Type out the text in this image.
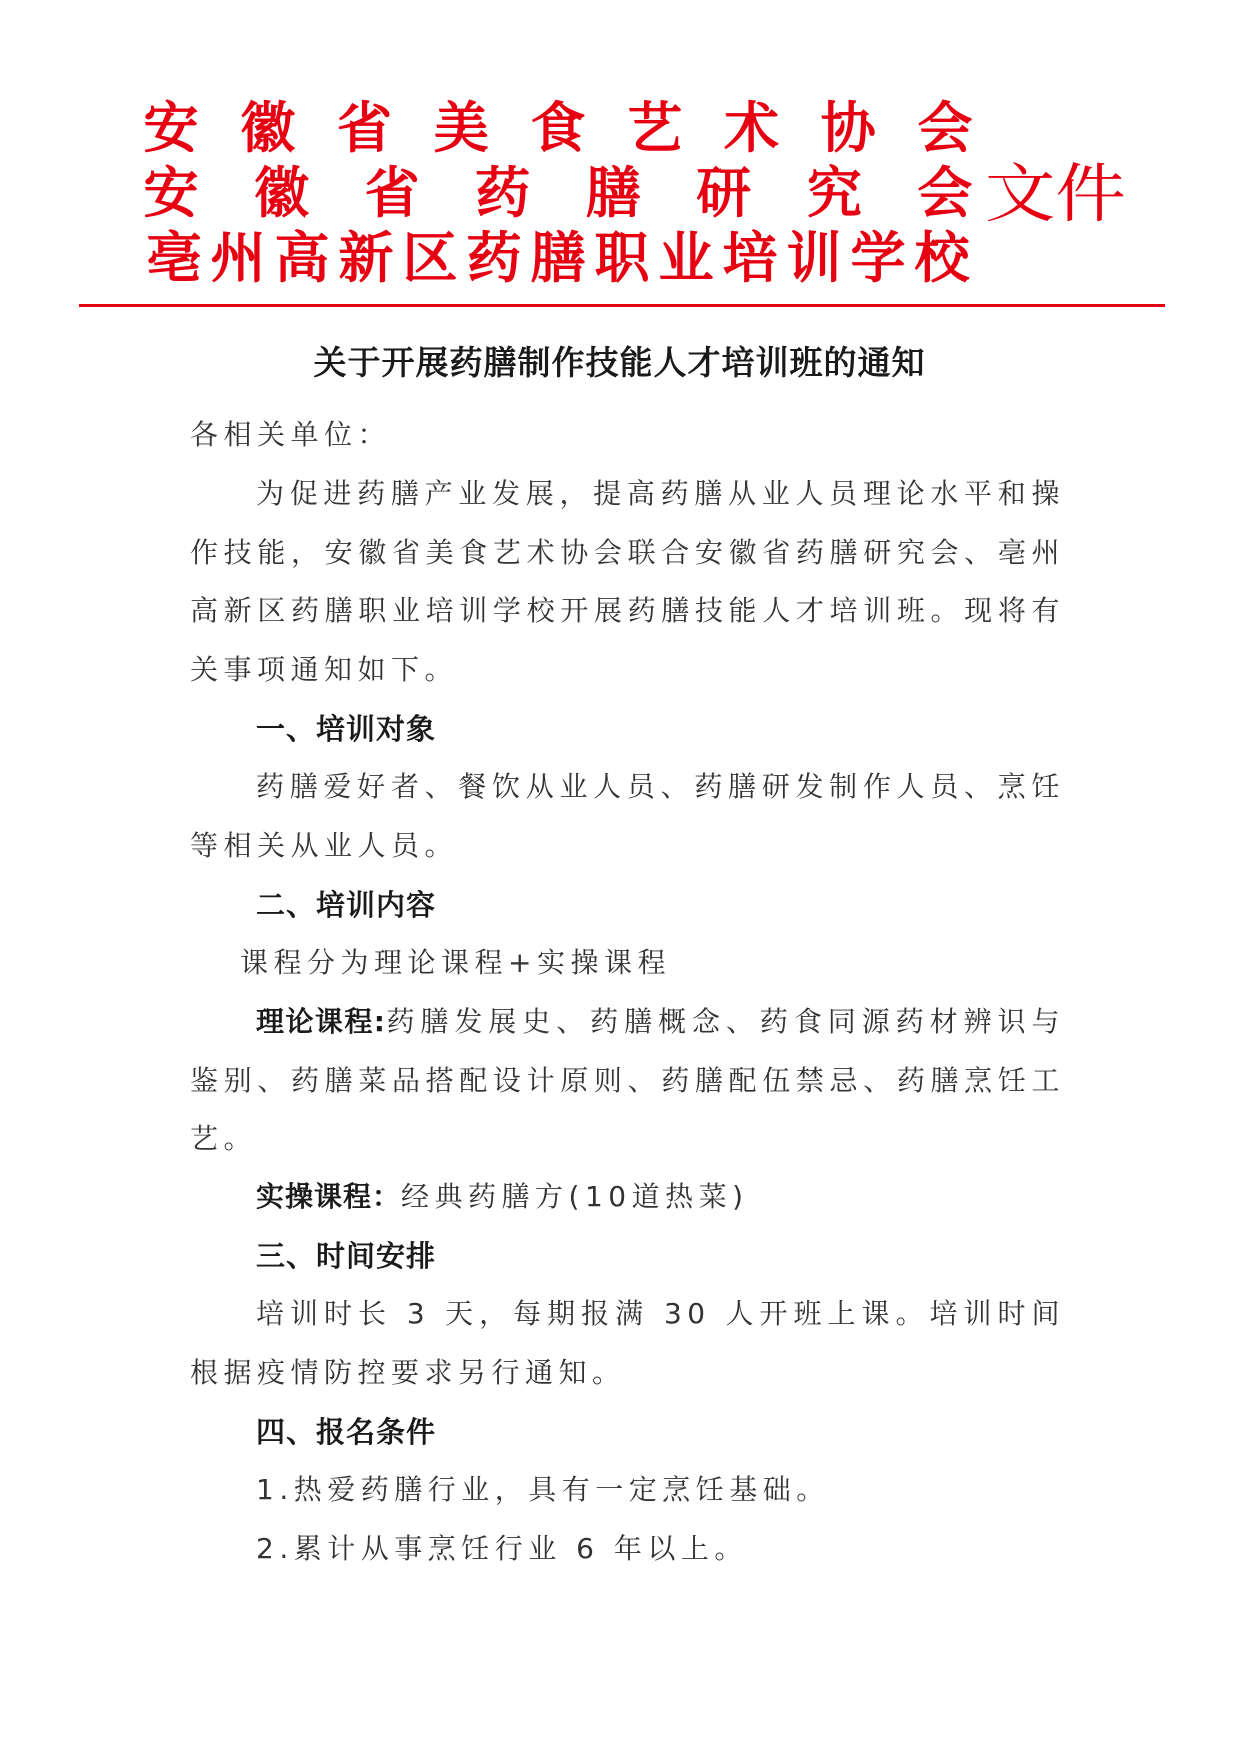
安 徽 省 美 食 艺 术 协 会
安 徽 省 药 膳 研 究 会
亳 州 高 新 区 药 膳 职 业 培 训 学 校
文件
关于开展药膳制作技能人才培训班的通知
各相关单位：
为促进药膳产业发展，提高药膳从业人员理论水平和操作技能，安徽省美食艺术协会联合安徽省药膳研究会、亳州高新区药膳职业培训学校开展药膳技能人才培训班。现将有关事项通知如下。
一、培训对象
药膳爱好者、餐饮从业人员、药膳研发制作人员、烹饪等相关从业人员。
二、培训内容
课程分为理论课程+实操课程
理论课程:药膳发展史、药膳概念、药食同源药材辨识与鉴别、药膳菜品搭配设计原则、药膳配伍禁忌、药膳烹饪工艺。
实操课程：经典药膳方(10道热菜)
三、时间安排
培训时长 3 天，每期报满 30 人开班上课。培训时间根据疫情防控要求另行通知。
四、报名条件
1.热爱药膳行业，具有一定烹饪基础。
2.累计从事烹饪行业 6 年以上。
